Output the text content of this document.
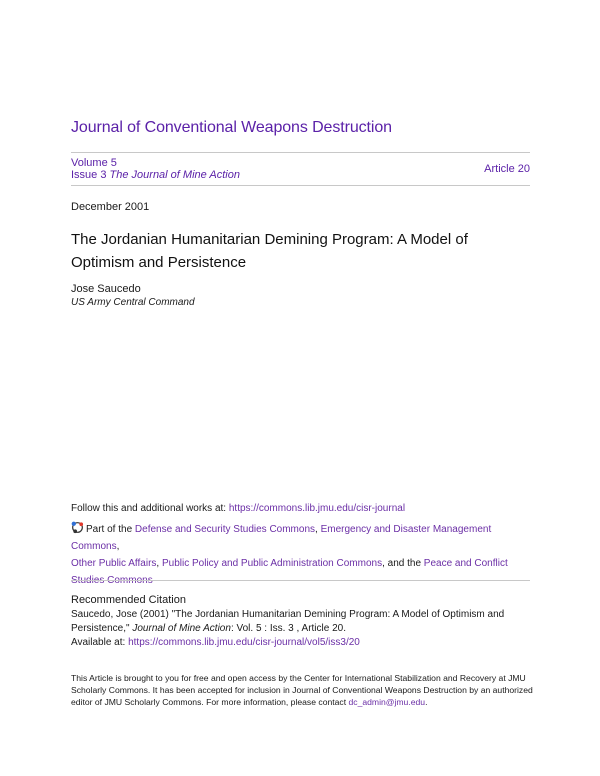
Journal of Conventional Weapons Destruction
Volume 5
Issue 3 The Journal of Mine Action	Article 20
December 2001
The Jordanian Humanitarian Demining Program: A Model of Optimism and Persistence
Jose Saucedo
US Army Central Command
Follow this and additional works at: https://commons.lib.jmu.edu/cisr-journal
Part of the Defense and Security Studies Commons, Emergency and Disaster Management Commons,
Other Public Affairs, Public Policy and Public Administration Commons, and the Peace and Conflict
Recommended Citation
Saucedo, Jose (2001) "The Jordanian Humanitarian Demining Program: A Model of Optimism and Persistence," Journal of Mine Action: Vol. 5 : Iss. 3 , Article 20.
Available at: https://commons.lib.jmu.edu/cisr-journal/vol5/iss3/20
This Article is brought to you for free and open access by the Center for International Stabilization and Recovery at JMU Scholarly Commons. It has been accepted for inclusion in Journal of Conventional Weapons Destruction by an authorized editor of JMU Scholarly Commons. For more information, please contact dc_admin@jmu.edu.
